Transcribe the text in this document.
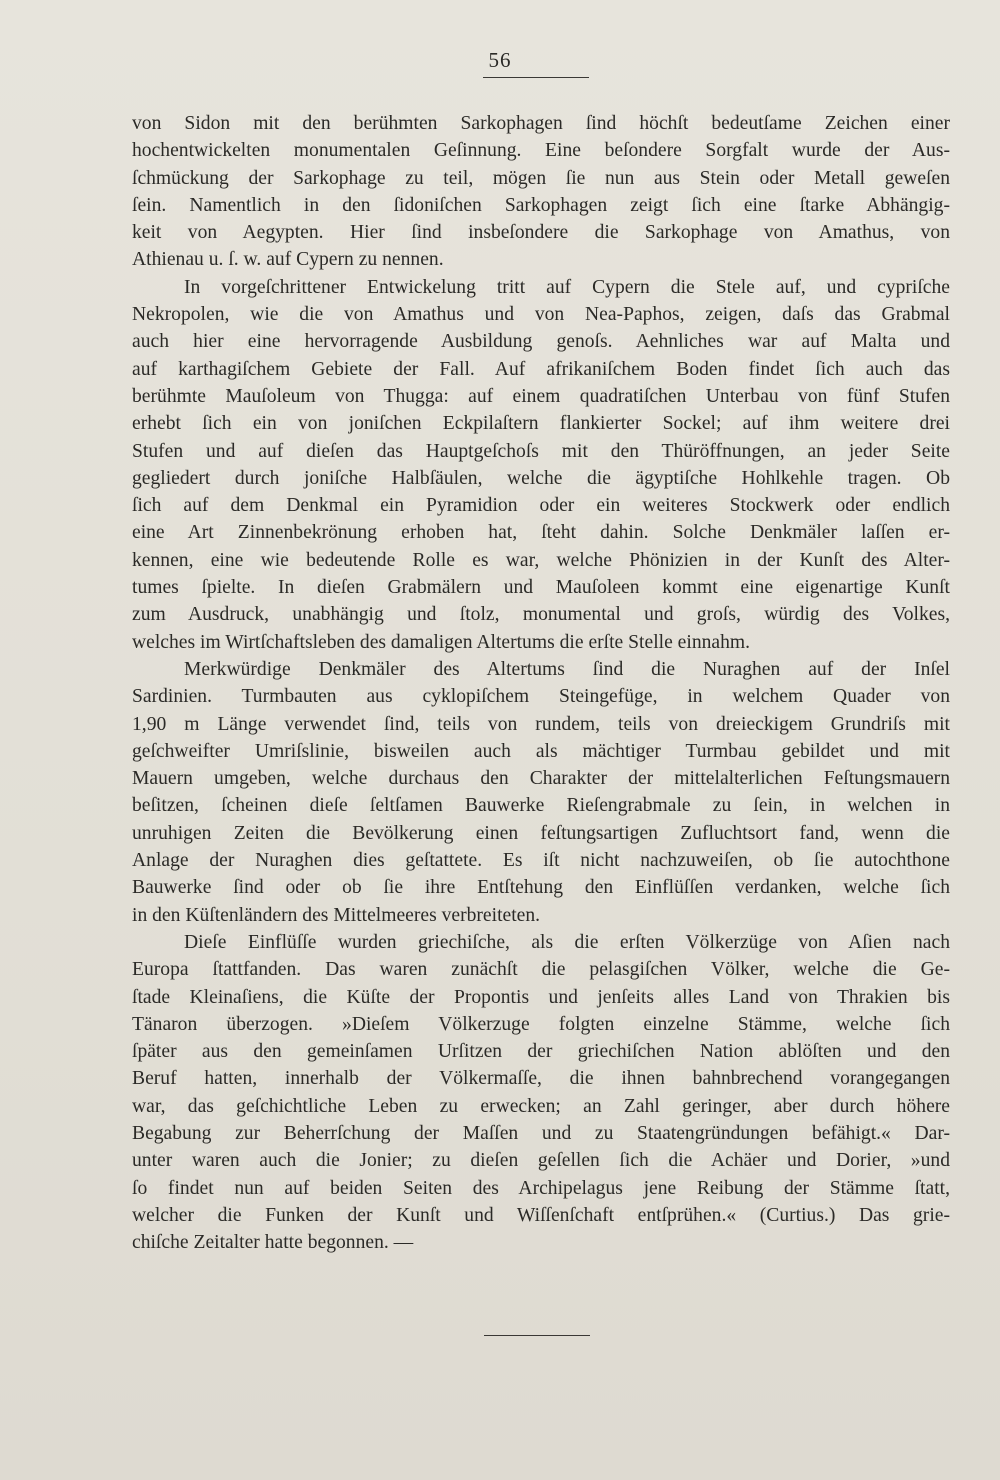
56

von Sidon mit den berühmten Sarkophagen ſind höchſt bedeutſame Zeichen einer
hochentwickelten monumentalen Geſinnung. Eine beſondere Sorgfalt wurde der Aus-
ſchmückung der Sarkophage zu teil, mögen ſie nun aus Stein oder Metall geweſen
ſein. Namentlich in den ſidoniſchen Sarkophagen zeigt ſich eine ſtarke Abhängig-
keit von Aegypten. Hier ſind insbeſondere die Sarkophage von Amathus, von

Athienau u. ſ. w. auf Cypern zu nennen.

In vorgeſchrittener Entwickelung tritt auf Cypern die Stele auf, und cypriſche
Nekropolen, wie die von Amathus und von Nea-Paphos, zeigen, daſs das Grabmal
auch hier eine hervorragende Ausbildung genoſs. Aehnliches war auf Malta und
auf karthagiſchem Gebiete der Fall. Auf afrikaniſchem Boden findet ſich auch das
berühmte Mauſoleum von Thugga: auf einem quadratiſchen Unterbau von fünf Stufen
erhebt ſich ein von joniſchen Eckpilaſtern flankierter Sockel; auf ihm weitere drei
Stufen und auf dieſen das Hauptgeſchoſs mit den Thüröffnungen, an jeder Seite
gegliedert durch joniſche Halbſäulen, welche die ägyptiſche Hohlkehle tragen. Ob
ſich auf dem Denkmal ein Pyramidion oder ein weiteres Stockwerk oder endlich
eine Art Zinnenbekrönung erhoben hat, ſteht dahin. Solche Denkmäler laſſen er-
kennen, eine wie bedeutende Rolle es war, welche Phönizien in der Kunſt des Alter-
tumes ſpielte. In dieſen Grabmälern und Mauſoleen kommt eine eigenartige Kunſt
zum Ausdruck, unabhängig und ſtolz, monumental und groſs, würdig des Volkes,

welches im Wirtſchaftsleben des damaligen Altertums die erſte Stelle einnahm.

Merkwürdige Denkmäler des Altertums ſind die Nuraghen auf der Inſel
Sardinien. Turmbauten aus cyklopiſchem Steingefüge, in welchem Quader von
1,90 m Länge verwendet ſind, teils von rundem, teils von dreieckigem Grundriſs mit
geſchweifter Umriſslinie, bisweilen auch als mächtiger Turmbau gebildet und mit
Mauern umgeben, welche durchaus den Charakter der mittelalterlichen Feſtungsmauern
beſitzen, ſcheinen dieſe ſeltſamen Bauwerke Rieſengrabmale zu ſein, in welchen in
unruhigen Zeiten die Bevölkerung einen feſtungsartigen Zufluchtsort fand, wenn die
Anlage der Nuraghen dies geſtattete. Es iſt nicht nachzuweiſen, ob ſie autochthone
Bauwerke ſind oder ob ſie ihre Entſtehung den Einflüſſen verdanken, welche ſich

in den Küſtenländern des Mittelmeeres verbreiteten.

Dieſe Einflüſſe wurden griechiſche, als die erſten Völkerzüge von Aſien nach
Europa ſtattfanden. Das waren zunächſt die pelasgiſchen Völker, welche die Ge-
ſtade Kleinaſiens, die Küſte der Propontis und jenſeits alles Land von Thrakien bis
Tänaron überzogen. »Dieſem Völkerzuge folgten einzelne Stämme, welche ſich
ſpäter aus den gemeinſamen Urſitzen der griechiſchen Nation ablöſten und den
Beruf hatten, innerhalb der Völkermaſſe, die ihnen bahnbrechend vorangegangen
war, das geſchichtliche Leben zu erwecken; an Zahl geringer, aber durch höhere
Begabung zur Beherrſchung der Maſſen und zu Staatengründungen befähigt.« Dar-
unter waren auch die Jonier; zu dieſen geſellen ſich die Achäer und Dorier, »und
ſo findet nun auf beiden Seiten des Archipelagus jene Reibung der Stämme ſtatt,
welcher die Funken der Kunſt und Wiſſenſchaft entſprühen.« (Curtius.) Das grie-

chiſche Zeitalter hatte begonnen. —
